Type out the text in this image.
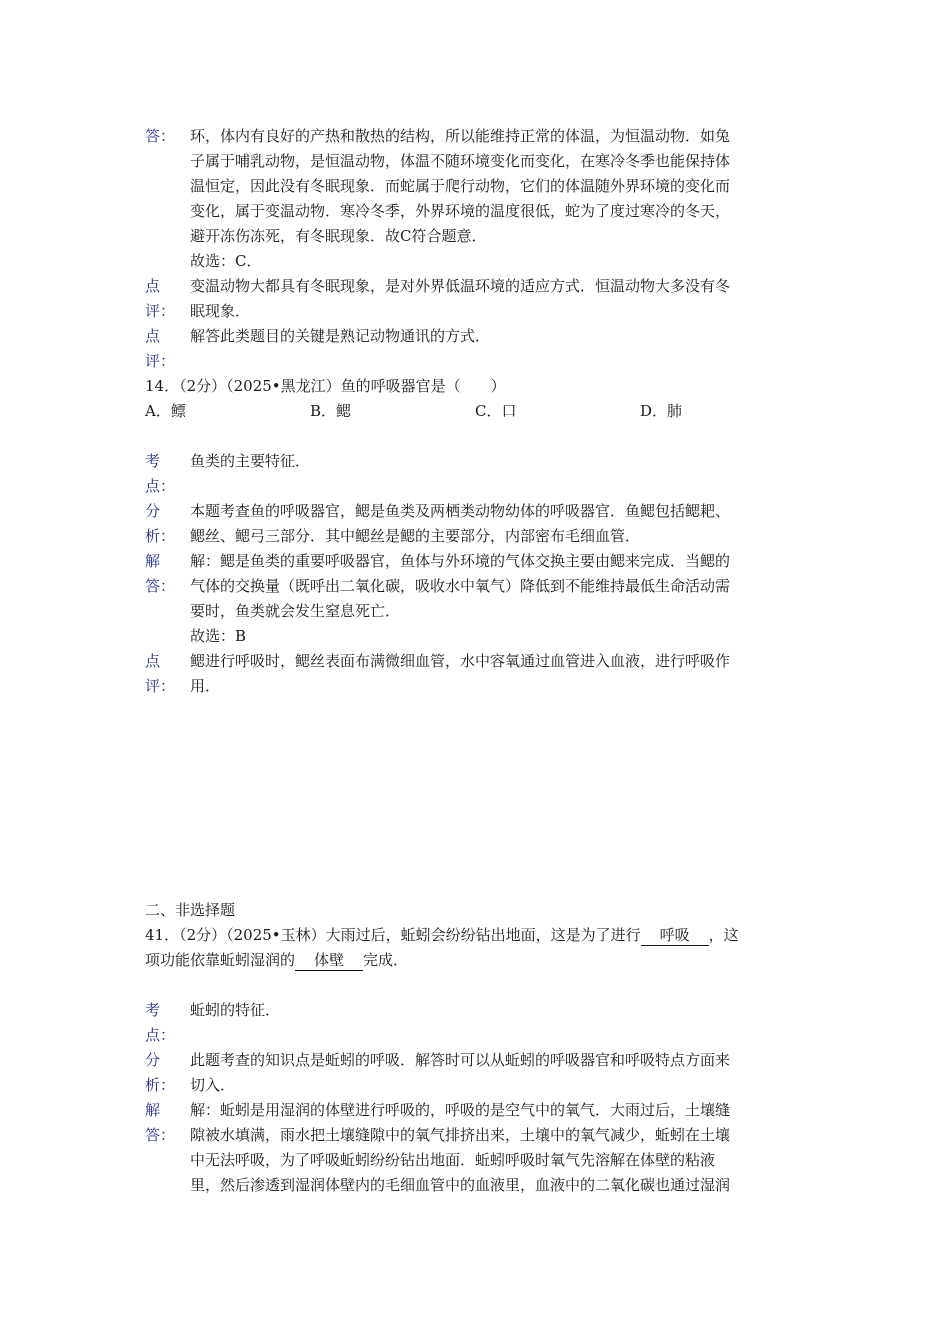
答： 环，体内有良好的产热和散热的结构，所以能维持正常的体温，为恒温动物．如兔
子属于哺乳动物，是恒温动物，体温不随环境变化而变化，在寒冷冬季也能保持体
温恒定，因此没有冬眠现象．而蛇属于爬行动物，它们的体温随外界环境的变化而
变化，属于变温动物．寒冷冬季，外界环境的温度很低，蛇为了度过寒冷的冬天，
避开冻伤冻死，有冬眠现象．故C符合题意．
故选：C．
点
评：
变温动物大都具有冬眠现象，是对外界低温环境的适应方式．恒温动物大多没有冬
眠现象．
点
评：
解答此类题目的关键是熟记动物通讯的方式．
14．（2分）（2025•黑龙江）鱼的呼吸器官是（　　）
A．鳔	B．鳃	C．口	D．肺
考
点：
鱼类的主要特征．
分
析：
本题考查鱼的呼吸器官，鳃是鱼类及两栖类动物幼体的呼吸器官．鱼鳃包括鳃耙、
鳃丝、鳃弓三部分．其中鳃丝是鳃的主要部分，内部密布毛细血管．
解
答：
解：鳃是鱼类的重要呼吸器官，鱼体与外环境的气体交换主要由鳃来完成．当鳃的
气体的交换量（既呼出二氧化碳，吸收水中氧气）降低到不能维持最低生命活动需
要时，鱼类就会发生窒息死亡．
故选：B
点
评：
鳃进行呼吸时，鳃丝表面布满微细血管，水中容氧通过血管进入血液，进行呼吸作
用．
二、非选择题
41．（2分）（2025•玉林）大雨过后，蚯蚓会纷纷钻出地面，这是为了进行 呼吸 ，这
项功能依靠蚯蚓湿润的 体壁 完成．
考
点：
蚯蚓的特征．
分
析：
此题考查的知识点是蚯蚓的呼吸．解答时可以从蚯蚓的呼吸器官和呼吸特点方面来
切入．
解
答：
解：蚯蚓是用湿润的体壁进行呼吸的，呼吸的是空气中的氧气．大雨过后，土壤缝
隙被水填满，雨水把土壤缝隙中的氧气排挤出来，土壤中的氧气减少，蚯蚓在土壤
中无法呼吸，为了呼吸蚯蚓纷纷钻出地面．蚯蚓呼吸时氧气先溶解在体壁的粘液
里，然后渗透到湿润体壁内的毛细血管中的血液里，血液中的二氧化碳也通过湿润
